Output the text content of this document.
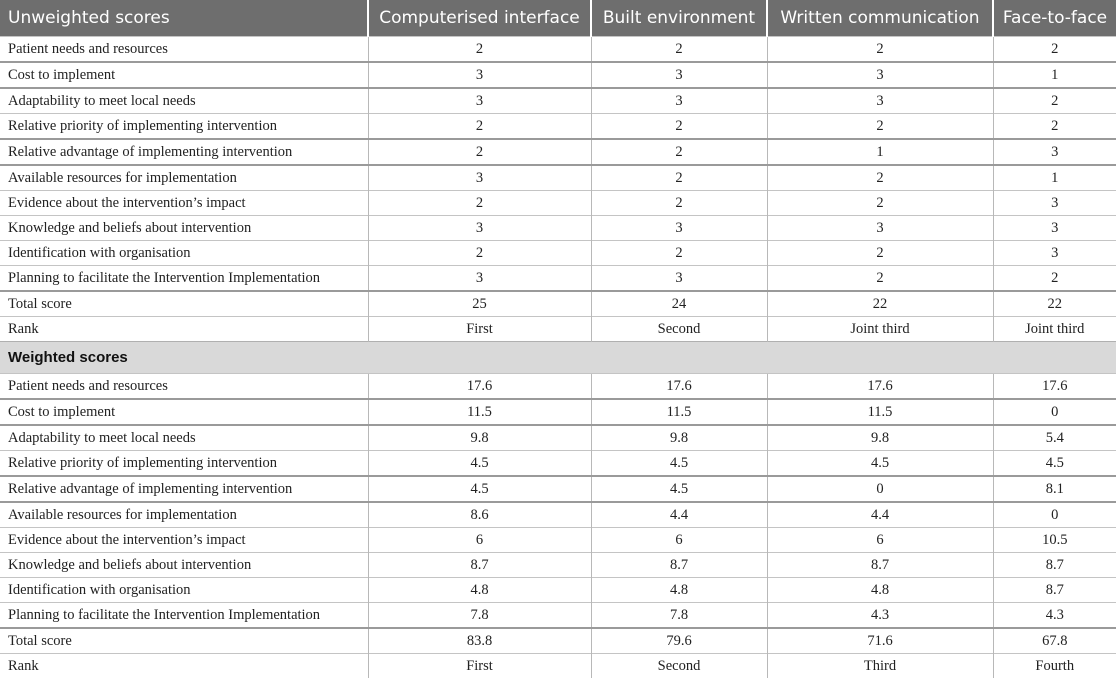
Unweighted scores	Computerised interface	Built environment	Written communication	Face-to-face
Patient needs and resources	2	2	2	2
Cost to implement	3	3	3	1
Adaptability to meet local needs	3	3	3	2
Relative priority of implementing intervention	2	2	2	2
Relative advantage of implementing intervention	2	2	1	3
Available resources for implementation	3	2	2	1
Evidence about the intervention’s impact	2	2	2	3
Knowledge and beliefs about intervention	3	3	3	3
Identification with organisation	2	2	2	3
Planning to facilitate the Intervention Implementation	3	3	2	2
Total score	25	24	22	22
Rank	First	Second	Joint third	Joint third
Weighted scores				
Patient needs and resources	17.6	17.6	17.6	17.6
Cost to implement	11.5	11.5	11.5	0
Adaptability to meet local needs	9.8	9.8	9.8	5.4
Relative priority of implementing intervention	4.5	4.5	4.5	4.5
Relative advantage of implementing intervention	4.5	4.5	0	8.1
Available resources for implementation	8.6	4.4	4.4	0
Evidence about the intervention’s impact	6	6	6	10.5
Knowledge and beliefs about intervention	8.7	8.7	8.7	8.7
Identification with organisation	4.8	4.8	4.8	8.7
Planning to facilitate the Intervention Implementation	7.8	7.8	4.3	4.3
Total score	83.8	79.6	71.6	67.8
Rank	First	Second	Third	Fourth
